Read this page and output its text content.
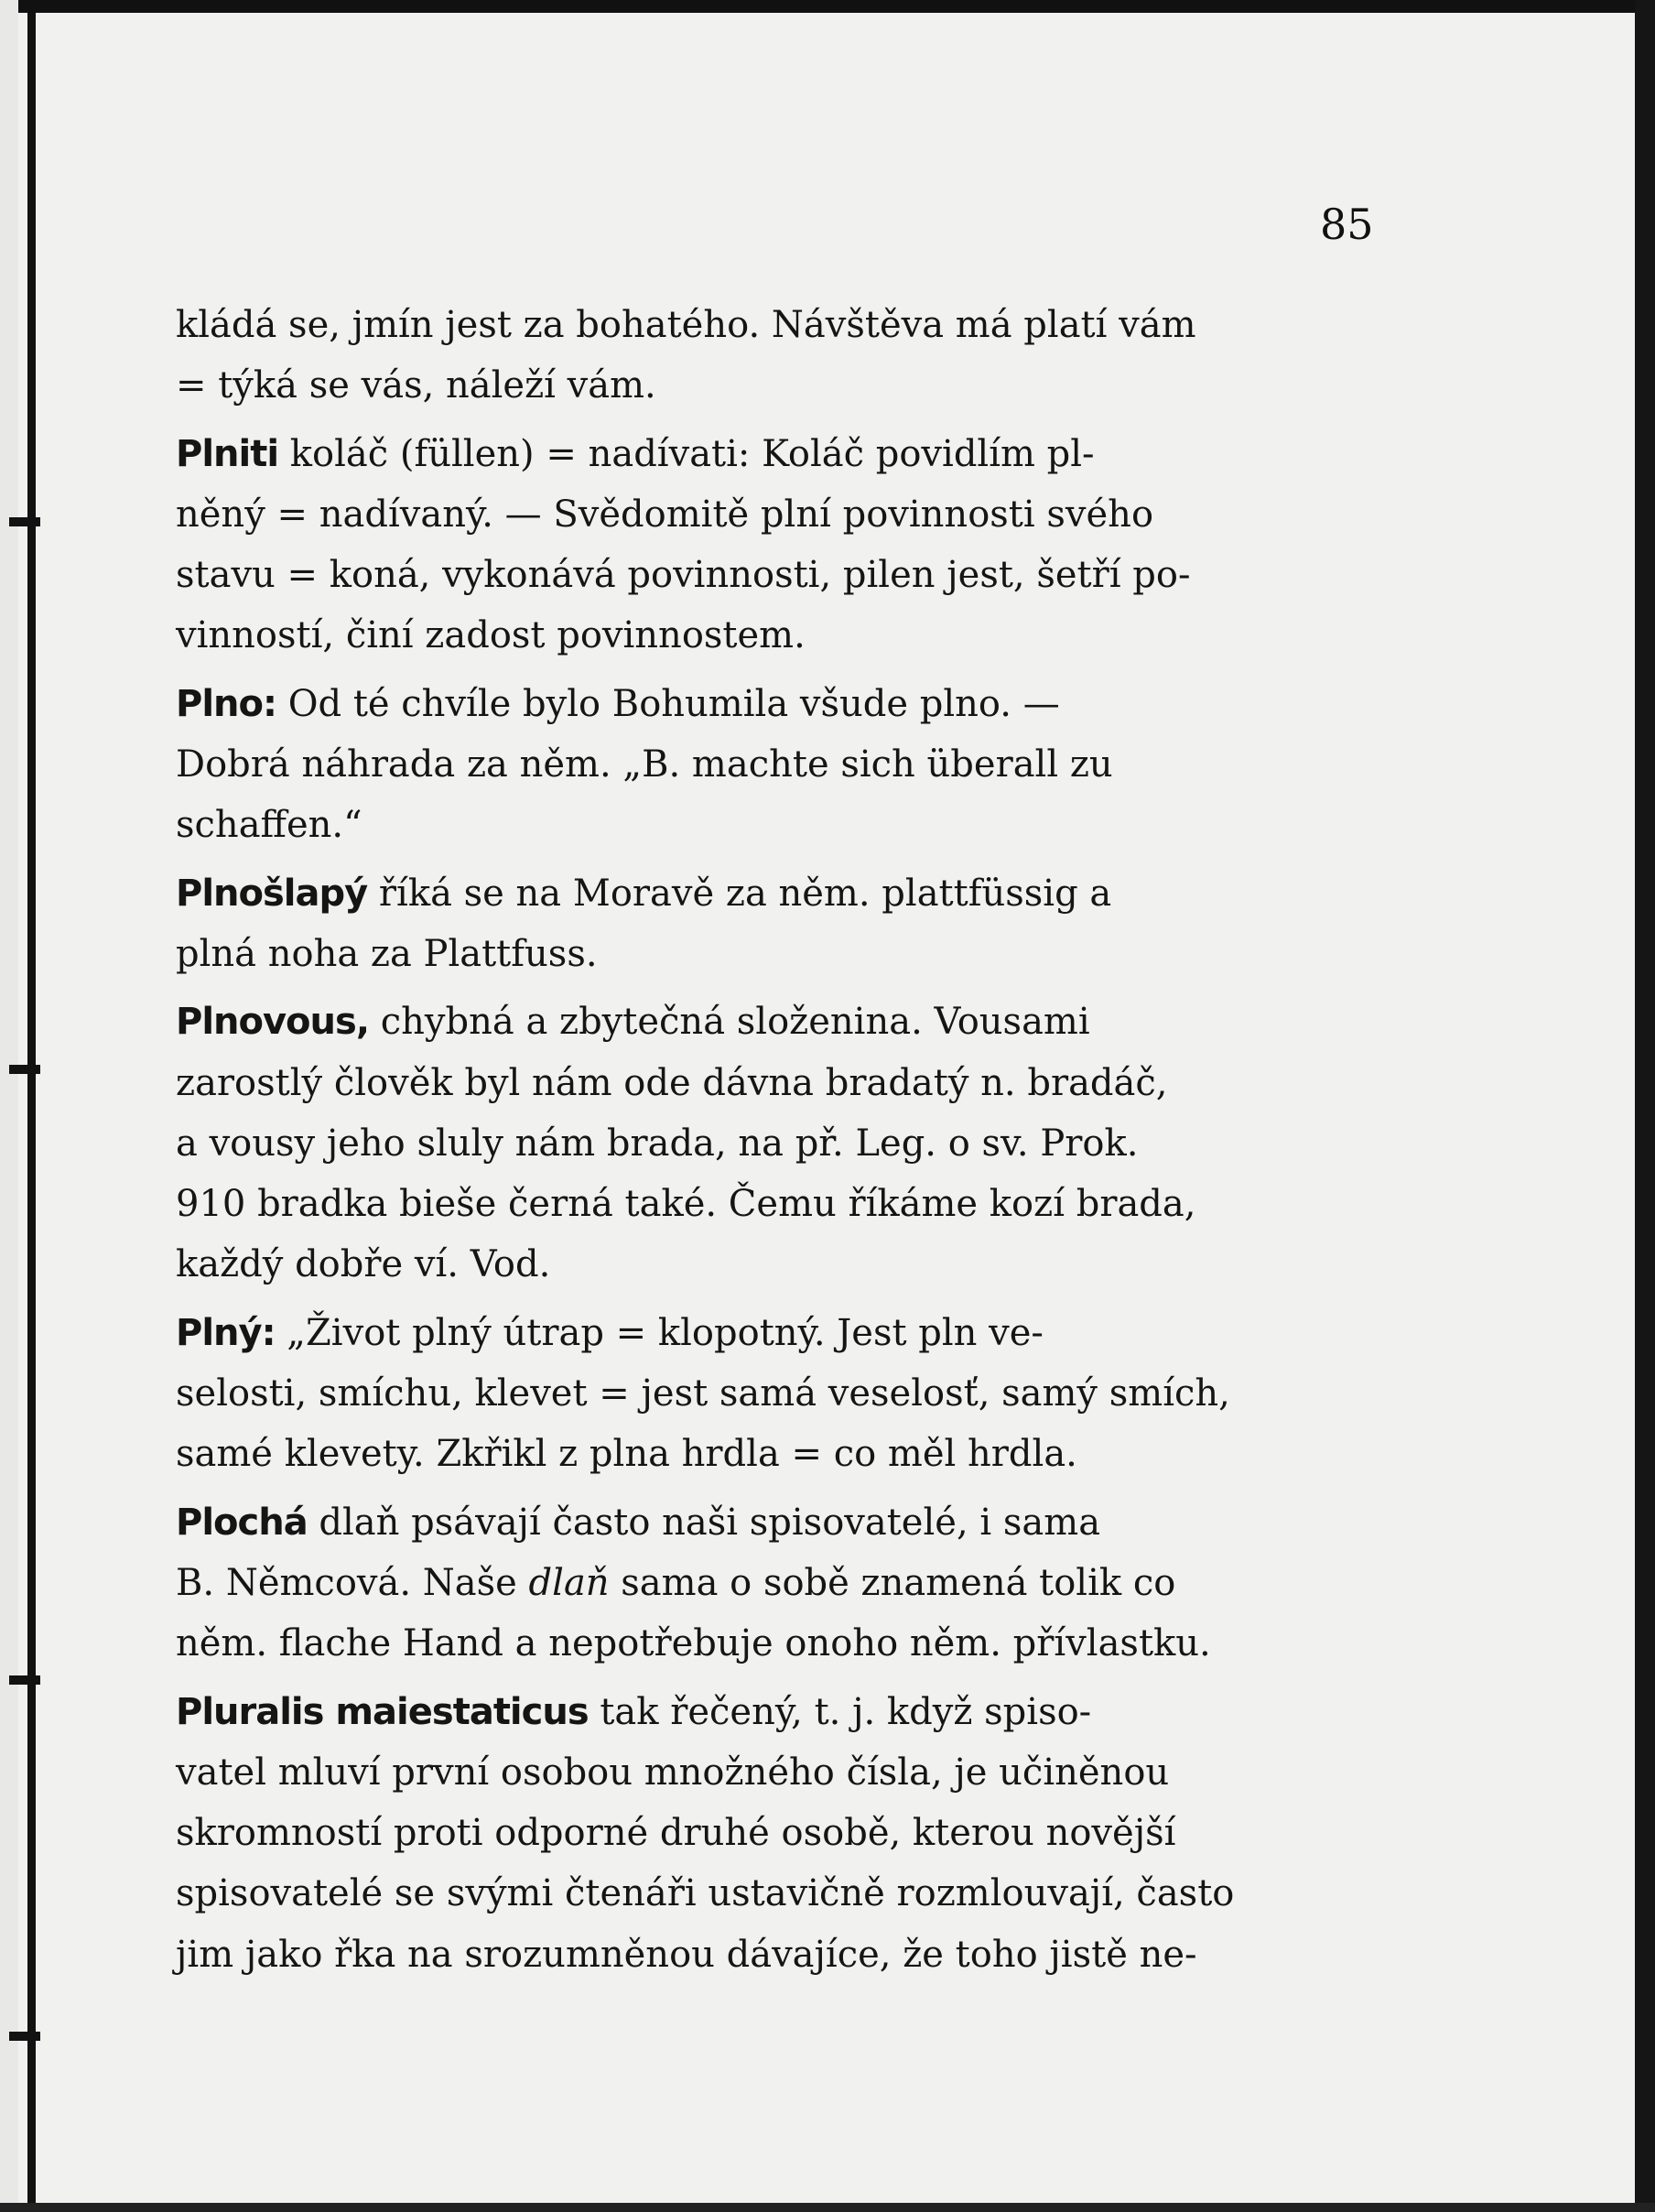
85
kládá se, jmín jest za bohatého. Návštěva má platí vám
= týká se vás, náleží vám.
Plniti koláč (füllen) = nadívati: Koláč povidlím pl-
něný = nadívaný. — Svědomitě plní povinnosti svého
stavu = koná, vykonává povinnosti, pilen jest, šetří po-
vinností, činí zadost povinnostem.
Plno: Od té chvíle bylo Bohumila všude plno. —
Dobrá náhrada za něm. „B. machte sich überall zu
schaffen.“
Plnošlapý říká se na Moravě za něm. plattfüssig a
plná noha za Plattfuss.
Plnovous, chybná a zbytečná složenina. Vousami
zarostlý člověk byl nám ode dávna bradatý n. bradáč,
a vousy jeho sluly nám brada, na př. Leg. o sv. Prok.
910 bradka bieše černá také. Čemu říkáme kozí brada,
každý dobře ví. Vod.
Plný: „Život plný útrap = klopotný. Jest pln ve-
selosti, smíchu, klevet = jest samá veselosť, samý smích,
samé klevety. Zkřikl z plna hrdla = co měl hrdla.
Plochá dlaň psávají často naši spisovatelé, i sama
B. Němcová. Naše dlaň sama o sobě znamená tolik co
něm. flache Hand a nepotřebuje onoho něm. přívlastku.
Pluralis maiestaticus tak řečený, t. j. když spiso-
vatel mluví první osobou množného čísla, je učiněnou
skromností proti odporné druhé osobě, kterou novější
spisovatelé se svými čtenáři ustavičně rozmlouvají, často
jim jako řka na srozumněnou dávajíce, že toho jistě ne-
